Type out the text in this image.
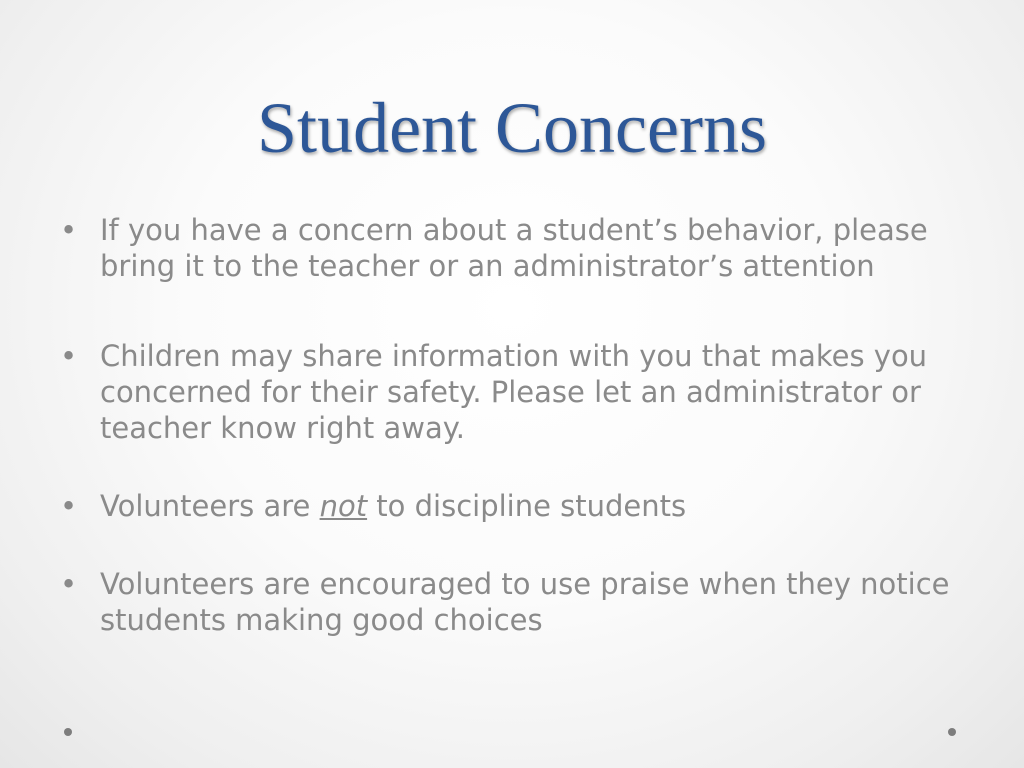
Student Concerns
• If you have a concern about a student’s behavior, please bring it to the teacher or an administrator’s attention
• Children may share information with you that makes you concerned for their safety. Please let an administrator or teacher know right away.
• Volunteers are not to discipline students
• Volunteers are encouraged to use praise when they notice students making good choices
